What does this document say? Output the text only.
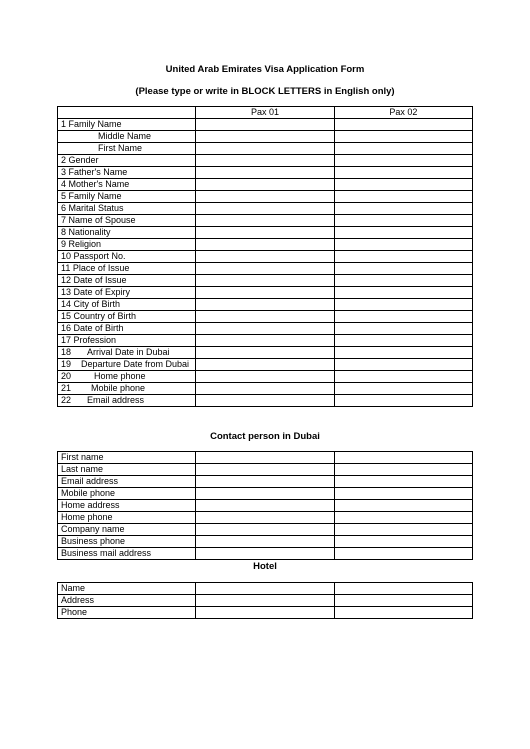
United Arab Emirates Visa Application Form
(Please type or write in BLOCK LETTERS in English only)
	Pax 01	Pax 02
1 Family Name		
Middle Name		
First Name		
2 Gender		
3 Father's Name		
4 Mother's Name		
5 Family Name		
6 Marital Status		
7 Name of Spouse		
8 Nationality		
9 Religion		
10 Passport No.		
11 Place of Issue		
12 Date of Issue		
13 Date of Expiry		
14 City of Birth		
15 Country of Birth		
16 Date of Birth		
17 Profession		
18 Arrival Date in Dubai		
19 Departure Date from Dubai		
20 Home phone		
21 Mobile phone		
22 Email address		
Contact person in Dubai
First name		
Last name		
Email address		
Mobile phone		
Home address		
Home phone		
Company name		
Business phone		
Business mail address		
Hotel
Name		
Address		
Phone		
